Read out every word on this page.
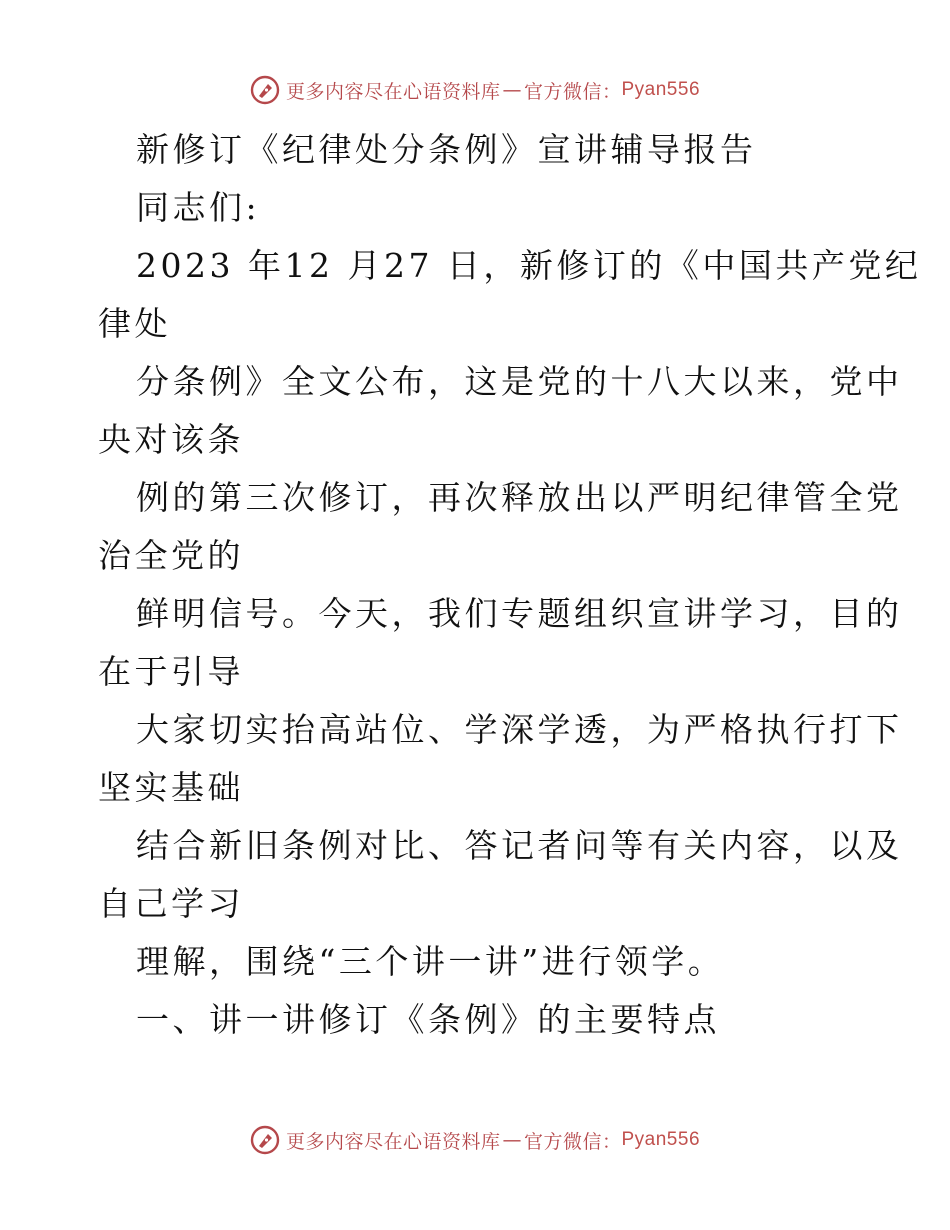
更多内容尽在心语资料库 — 官方微信： Pyan556
新修订《纪律处分条例》宣讲辅导报告
同志们:
2023 年12 月27 日，新修订的《中国共产党纪
律处
分条例》全文公布，这是党的十八大以来，党中
央对该条
例的第三次修订，再次释放出以严明纪律管全党
治全党的
鲜明信号。今天，我们专题组织宣讲学习，目的
在于引导
大家切实抬高站位、学深学透，为严格执行打下
坚实基础
结合新旧条例对比、答记者问等有关内容，以及
自己学习
理解，围绕“三个讲一讲”进行领学。
一、讲一讲修订《条例》的主要特点
更多内容尽在心语资料库 — 官方微信： Pyan556
